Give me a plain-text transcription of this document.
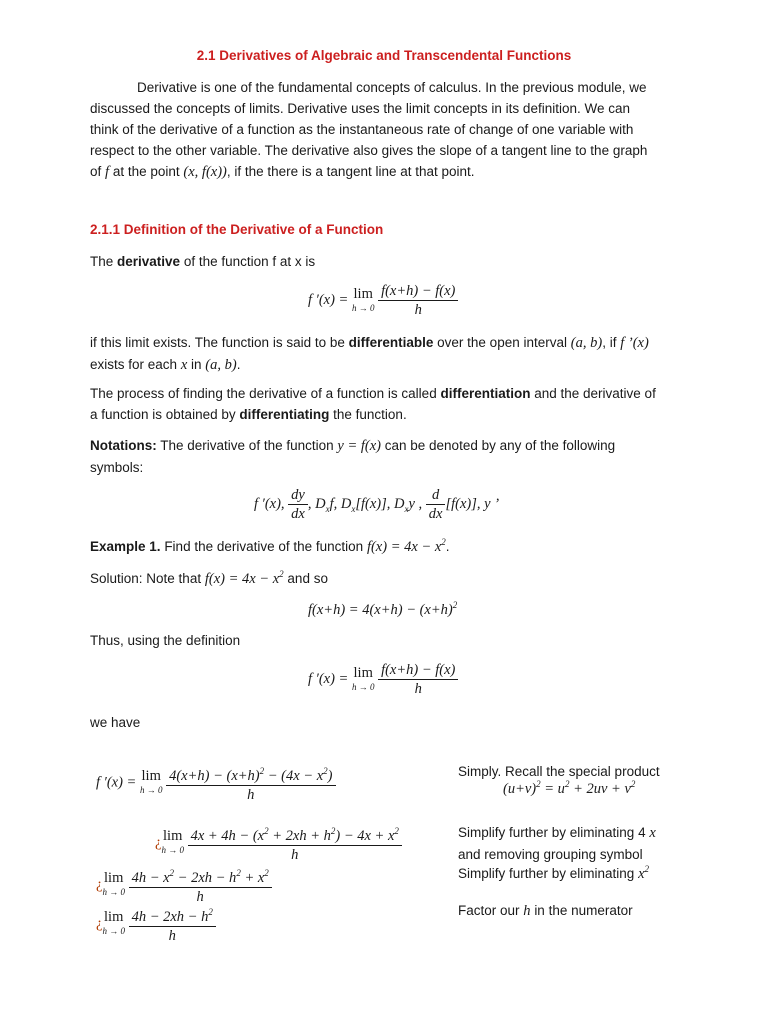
2.1 Derivatives of Algebraic and Transcendental Functions
Derivative is one of the fundamental concepts of calculus. In the previous module, we
discussed the concepts of limits. Derivative uses the limit concepts in its definition. We can
think of the derivative of a function as the instantaneous rate of change of one variable with
respect to the other variable. The derivative also gives the slope of a tangent line to the graph
of f at the point (x, f(x)), if the there is a tangent line at that point.
2.1.1 Definition of the Derivative of a Function
The derivative of the function f at x is
f ′(x) = lim
h → 0
$\frac{f(x+h) - f(x)}{h}$
if this limit exists. The function is said to be differentiable over the open interval (a, b), if f ’(x)
exists for each x in (a, b).
The process of finding the derivative of a function is called differentiation and the derivative of
a function is obtained by differentiating the function.
Notations: The derivative of the function y = f(x) can be denoted by any of the following
symbols:
f ′(x), $\frac{dy}{dx}$ , $D_xf$, $D_x[f(x)]$, $D_xy$ , $\frac{d}{dx} [f(x)]$, y ’
Example 1. Find the derivative of the function $f(x) = 4x - x^2$.
Solution: Note that $f(x) = 4x - x^2$ and so
$f(x+h) = 4(x+h) - (x+h)^2$
Thus, using the definition
f ′(x) = lim
h → 0
$\frac{f(x+h) - f(x)}{h}$
we have
f ′(x) = lim
h → 0
$\frac{4(x+h) - (x+h)^2 - (4x - x^2)}{h}$
¿ lim
h → 0
$\frac{4x + 4h - (x^2 + 2xh + h^2) - 4x + x^2}{h}$
¿ lim
h → 0
$\frac{4h - x^2 - 2xh - h^2 + x^2}{h}$
¿ lim
h → 0
$\frac{4h - 2xh - h^2}{h}$
Simply. Recall the special product
$(u+v)^2 = u^2 + 2uv + v^2$
Simplify further by eliminating 4 x
and removing grouping symbol
Simplify further by eliminating $x^2$
Factor our h in the numerator
